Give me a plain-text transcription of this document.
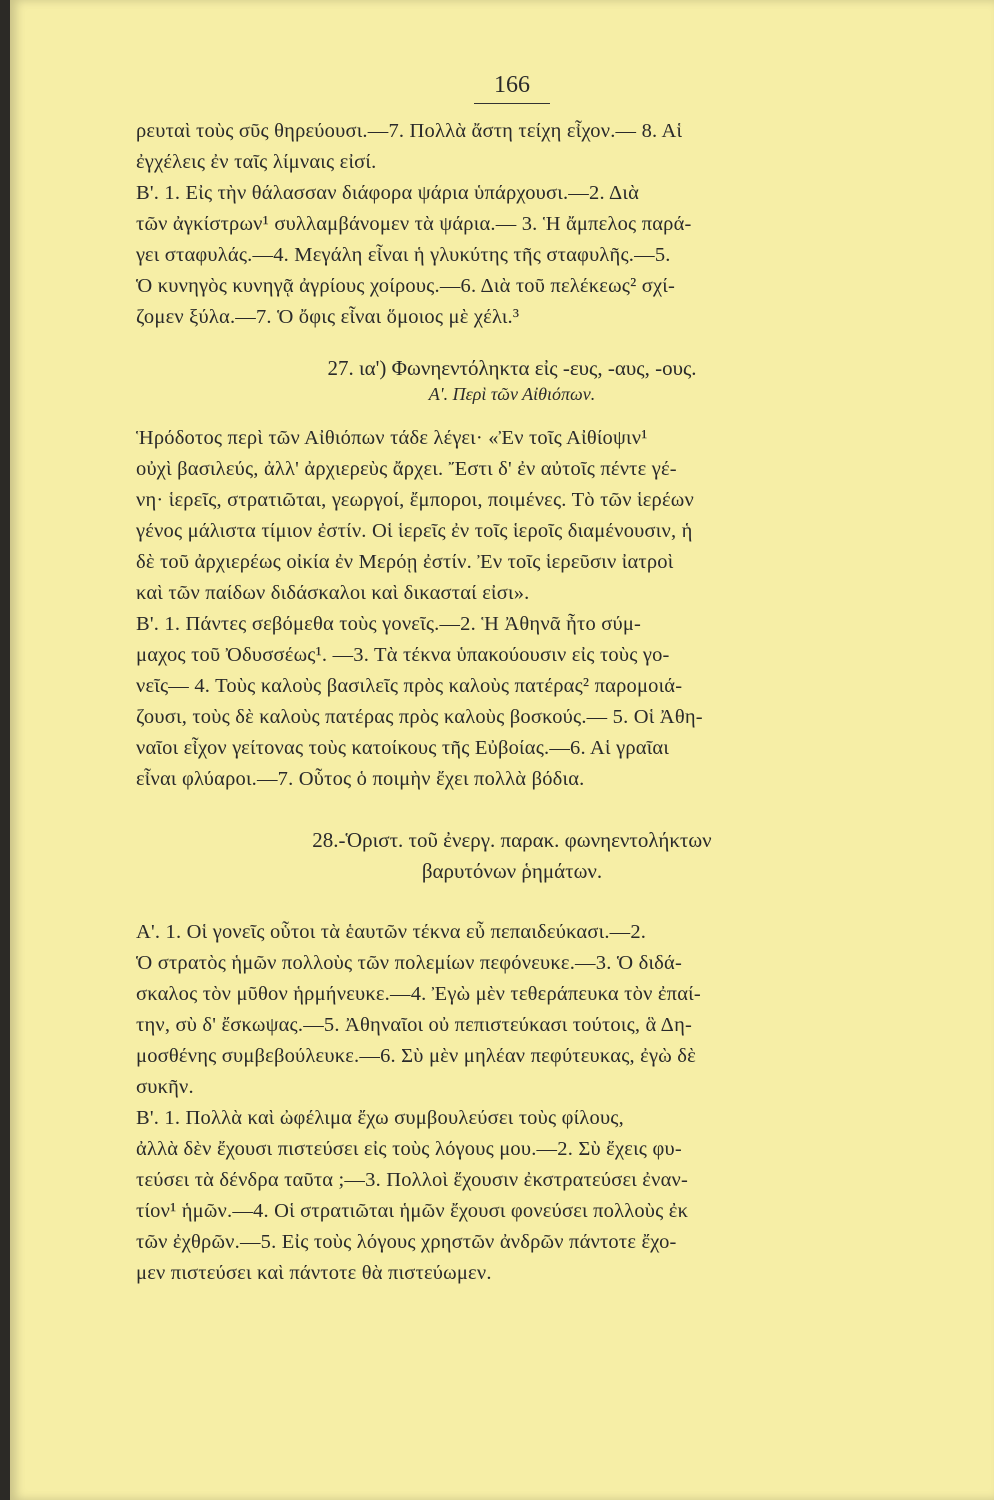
166

ρευταὶ τοὺς σῦς θηρεύουσι.—7. Πολλὰ ἄστη τείχη εἶχον.— 8. Αἱ

ἐγχέλεις ἐν ταῖς λίμναις εἰσί.

Β'. 1. Εἰς τὴν θάλασσαν διάφορα ψάρια ὑπάρχουσι.—2. Διὰ

τῶν ἀγκίστρων¹ συλλαμβάνομεν τὰ ψάρια.— 3. Ἡ ἄμπελος παρά-

γει σταφυλάς.—4. Μεγάλη εἶναι ἡ γλυκύτης τῆς σταφυλῆς.—5.

Ὁ κυνηγὸς κυνηγᾷ ἀγρίους χοίρους.—6. Διὰ τοῦ πελέκεως² σχί-

ζομεν ξύλα.—7. Ὁ ὄφις εἶναι ὅμοιος μὲ χέλι.³

27. ια') Φωνηεντόληκτα εἰς -ευς, -αυς, -ους.
Α'. Περὶ τῶν Αἰθιόπων.

Ἡρόδοτος περὶ τῶν Αἰθιόπων τάδε λέγει· «Ἐν τοῖς Αἰθίοψιν¹

οὐχὶ βασιλεύς, ἀλλ' ἀρχιερεὺς ἄρχει. Ἔστι δ' ἐν αὐτοῖς πέντε γέ-

νη· ἱερεῖς, στρατιῶται, γεωργοί, ἔμποροι, ποιμένες. Τὸ τῶν ἱερέων

γένος μάλιστα τίμιον ἐστίν. Οἱ ἱερεῖς ἐν τοῖς ἱεροῖς διαμένουσιν, ἡ

δὲ τοῦ ἀρχιερέως οἰκία ἐν Μερόῃ ἐστίν. Ἐν τοῖς ἱερεῦσιν ἰατροὶ

καὶ τῶν παίδων διδάσκαλοι καὶ δικασταί εἰσι».

Β'. 1. Πάντες σεβόμεθα τοὺς γονεῖς.—2. Ἡ Ἀθηνᾶ ἦτο σύμ-

μαχος τοῦ Ὀδυσσέως¹. —3. Τὰ τέκνα ὑπακούουσιν εἰς τοὺς γο-

νεῖς— 4. Τοὺς καλοὺς βασιλεῖς πρὸς καλοὺς πατέρας² παρομοιά-

ζουσι, τοὺς δὲ καλοὺς πατέρας πρὸς καλοὺς βοσκούς.— 5. Οἱ Ἀθη-

ναῖοι εἶχον γείτονας τοὺς κατοίκους τῆς Εὐβοίας.—6. Αἱ γραῖαι

εἶναι φλύαροι.—7. Οὗτος ὁ ποιμὴν ἔχει πολλὰ βόδια.

28.-Ὁριστ. τοῦ ἐνεργ. παρακ. φωνηεντολήκτων
βαρυτόνων ῥημάτων.

Α'. 1. Οἱ γονεῖς οὗτοι τὰ ἑαυτῶν τέκνα εὖ πεπαιδεύκασι.—2.

Ὁ στρατὸς ἡμῶν πολλοὺς τῶν πολεμίων πεφόνευκε.—3. Ὁ διδά-

σκαλος τὸν μῦθον ἡρμήνευκε.—4. Ἐγὼ μὲν τεθεράπευκα τὸν ἐπαί-

την, σὺ δ' ἔσκωψας.—5. Ἀθηναῖοι οὐ πεπιστεύκασι τούτοις, ἃ Δη-

μοσθένης συμβεβούλευκε.—6. Σὺ μὲν μηλέαν πεφύτευκας, ἐγὼ δὲ

συκῆν.

Β'. 1. Πολλὰ καὶ ὠφέλιμα ἔχω συμβουλεύσει τοὺς φίλους,

ἀλλὰ δὲν ἔχουσι πιστεύσει εἰς τοὺς λόγους μου.—2. Σὺ ἔχεις φυ-

τεύσει τὰ δένδρα ταῦτα ;—3. Πολλοὶ ἔχουσιν ἐκστρατεύσει ἐναν-

τίον¹ ἡμῶν.—4. Οἱ στρατιῶται ἡμῶν ἔχουσι φονεύσει πολλοὺς ἐκ

τῶν ἐχθρῶν.—5. Εἰς τοὺς λόγους χρηστῶν ἀνδρῶν πάντοτε ἔχο-

μεν πιστεύσει καὶ πάντοτε θὰ πιστεύωμεν.
